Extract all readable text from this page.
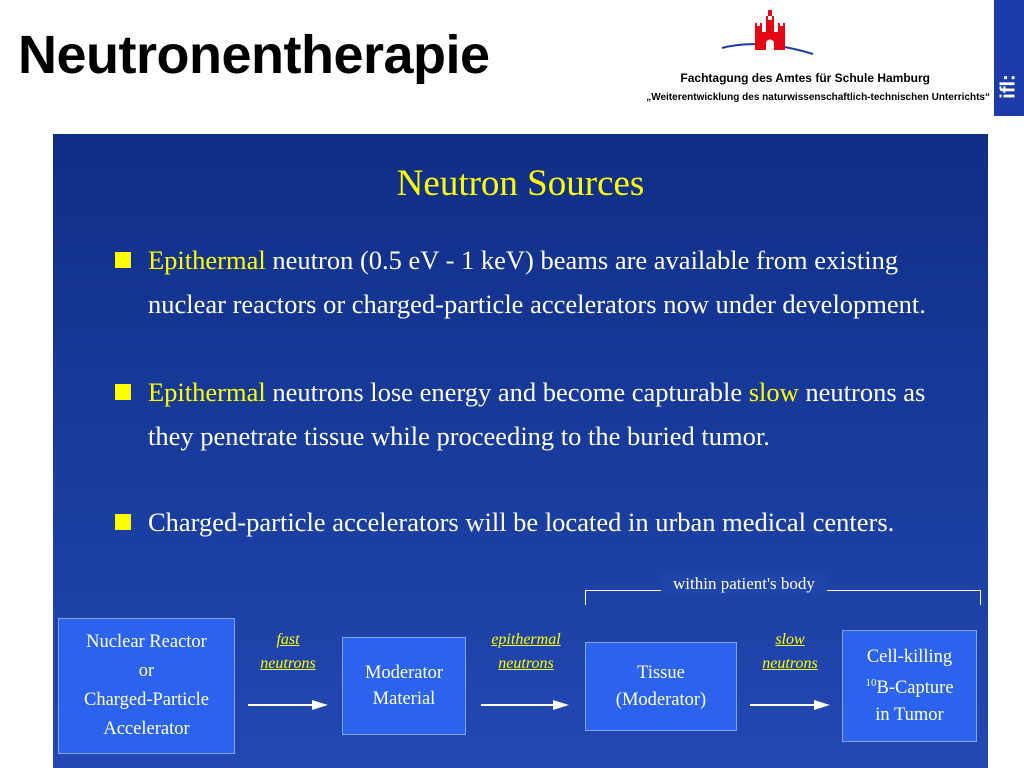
Neutronentherapie	Fachtagung des Amtes für Schule Hamburg
„Weiterentwicklung des naturwissenschaftlich-technischen Unterrichts“ ifl:
Neutron Sources
Epithermal neutron (0.5 eV - 1 keV) beams are available from existing nuclear reactors or charged-particle accelerators now under development.
Epithermal neutrons lose energy and become capturable slow neutrons as they penetrate tissue while proceeding to the buried tumor.
Charged-particle accelerators will be located in urban medical centers.
within patient's body
Nuclear Reactor
or
Charged-Particle
Accelerator
Moderator
Material
Tissue
(Moderator)
Cell-killing
$^{10}$B-Capture
in Tumor
fast
neutrons
epithermal
neutrons
slow
neutrons
